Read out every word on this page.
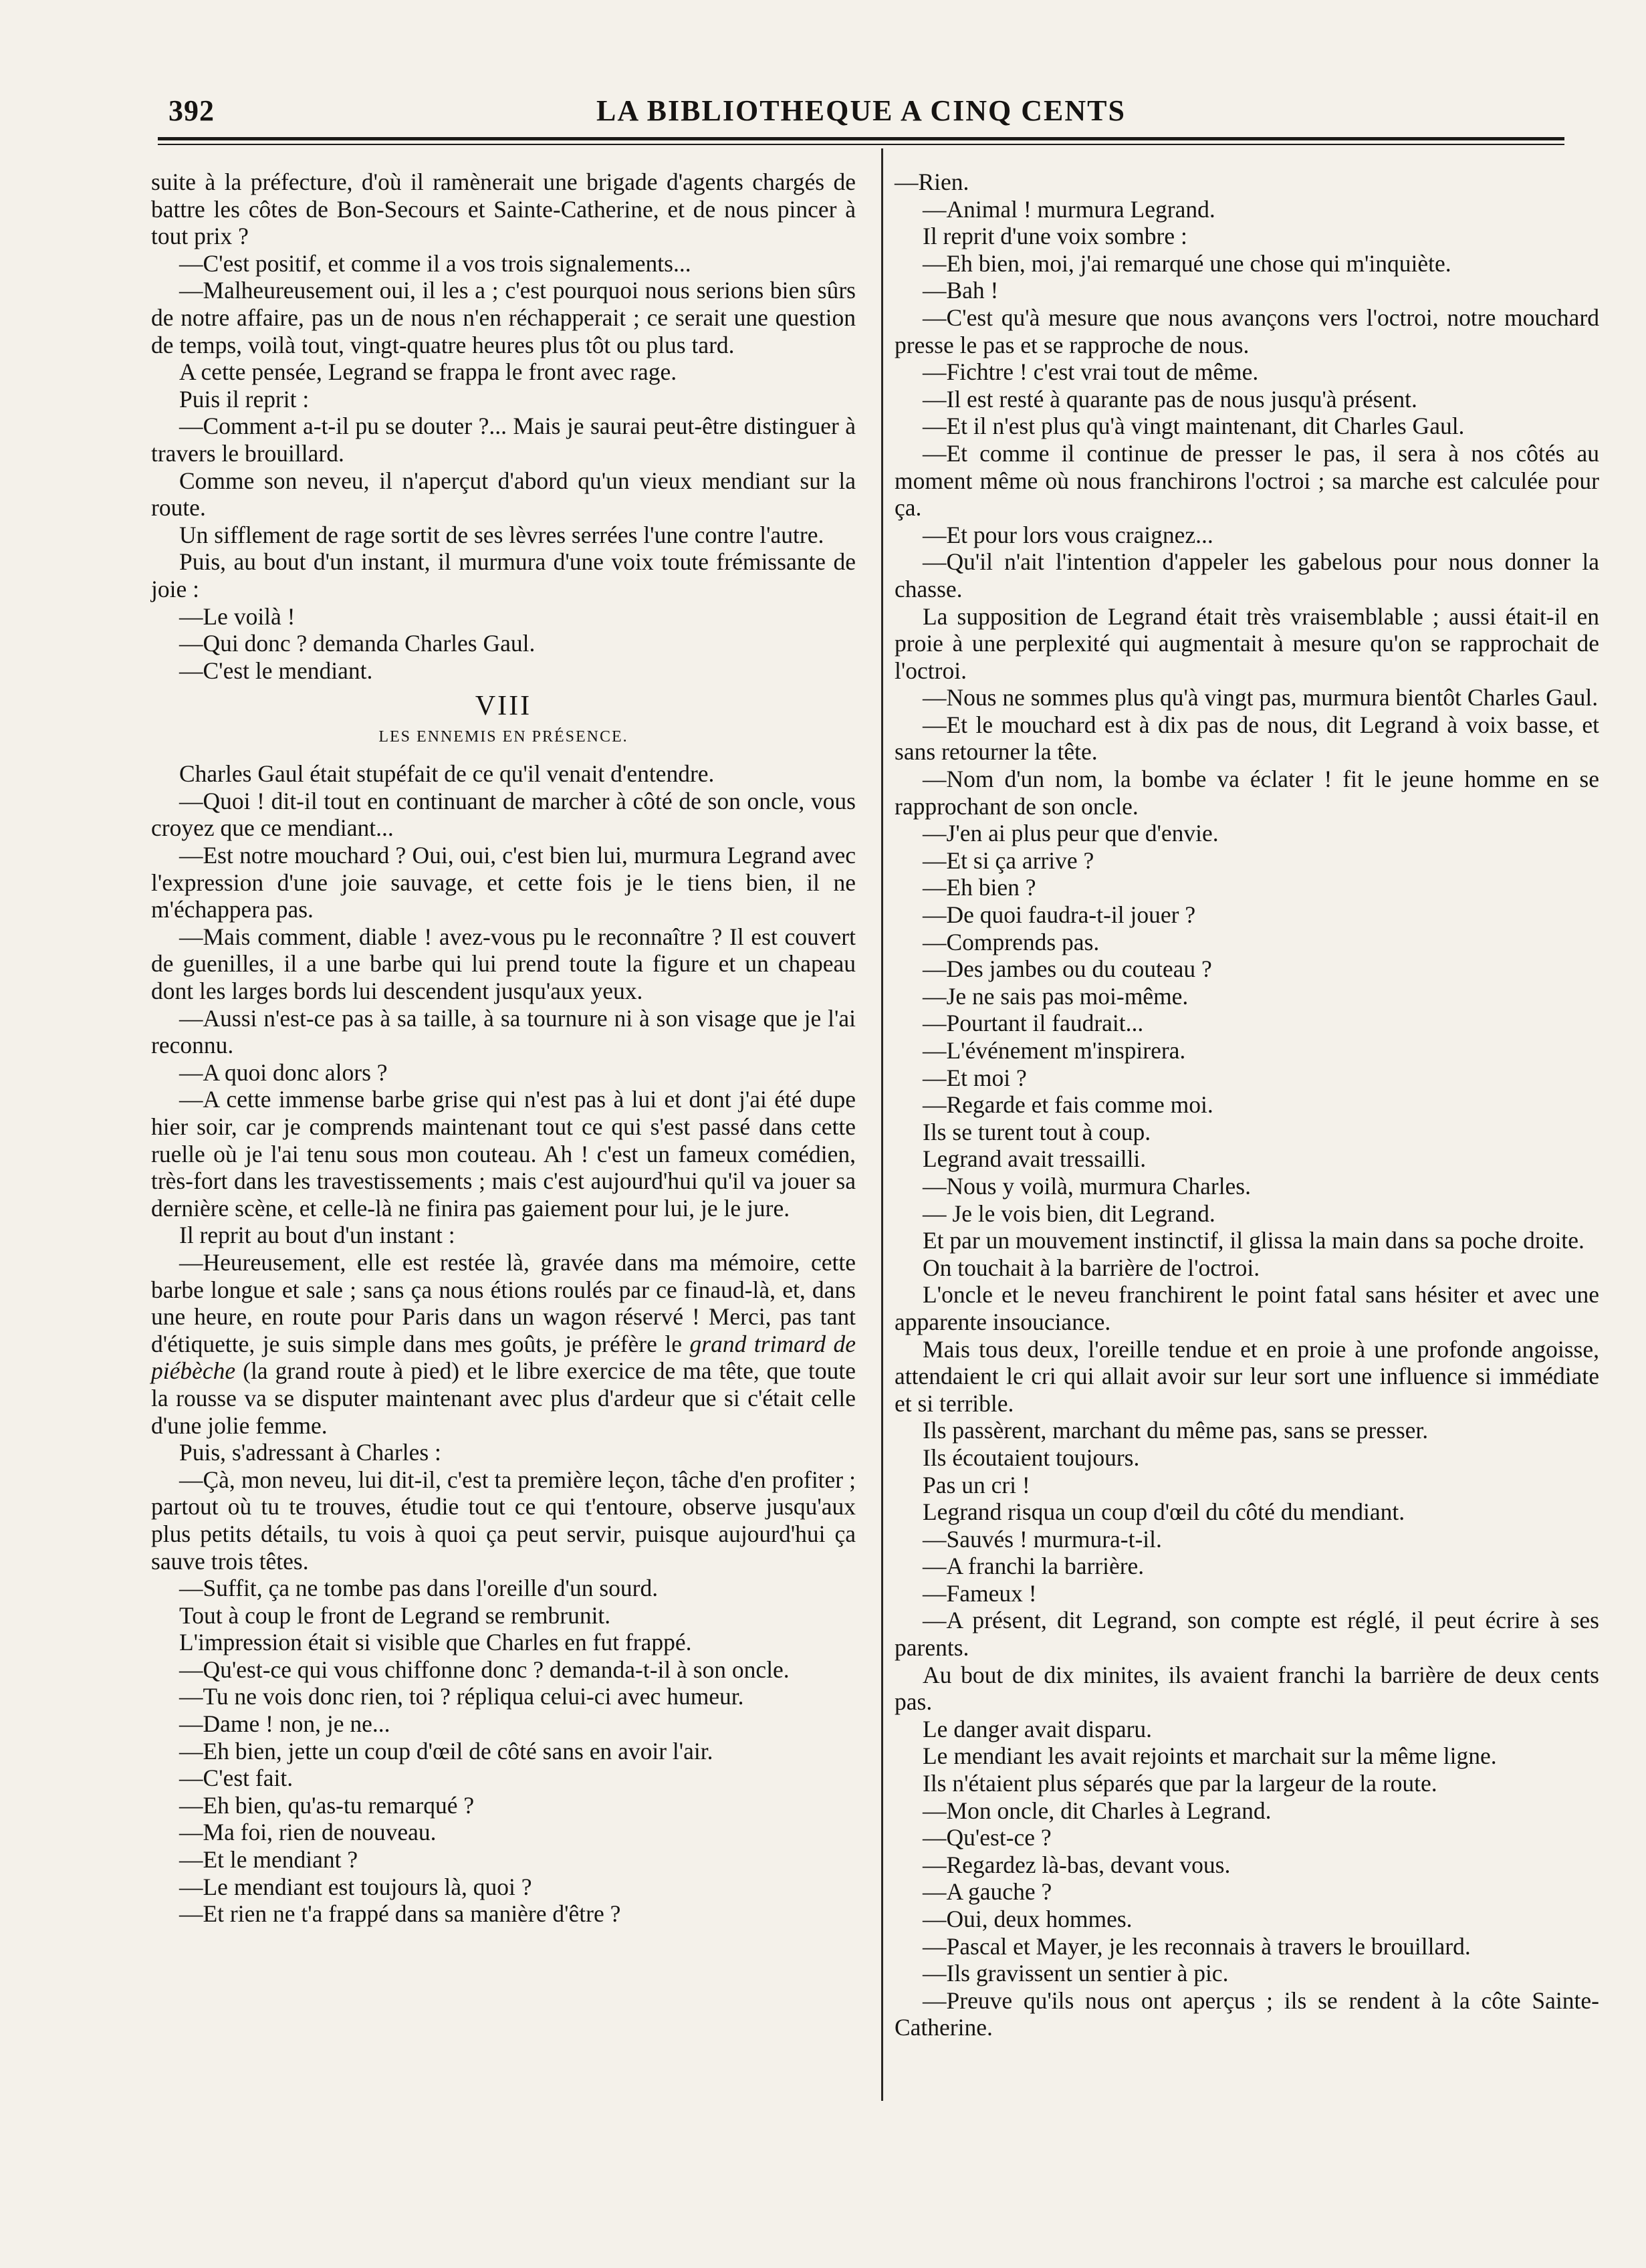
392	LA BIBLIOTHEQUE A CINQ CENTS

suite à la préfecture, d'où il ramènerait une brigade d'agents chargés de battre les côtes de Bon-Secours et Sainte-Catherine, et de nous pincer à tout prix ?

—C'est positif, et comme il a vos trois signalements...

—Malheureusement oui, il les a ; c'est pourquoi nous serions bien sûrs de notre affaire, pas un de nous n'en réchapperait ; ce serait une question de temps, voilà tout, vingt-quatre heures plus tôt ou plus tard.

A cette pensée, Legrand se frappa le front avec rage.

Puis il reprit :

—Comment a-t-il pu se douter ?... Mais je saurai peut-être distinguer à travers le brouillard.

Comme son neveu, il n'aperçut d'abord qu'un vieux mendiant sur la route.

Un sifflement de rage sortit de ses lèvres serrées l'une contre l'autre.

Puis, au bout d'un instant, il murmura d'une voix toute frémissante de joie :

—Le voilà !

—Qui donc ? demanda Charles Gaul.

—C'est le mendiant.

VIII
LES ENNEMIS EN PRÉSENCE.

Charles Gaul était stupéfait de ce qu'il venait d'entendre.

—Quoi ! dit-il tout en continuant de marcher à côté de son oncle, vous croyez que ce mendiant...

—Est notre mouchard ? Oui, oui, c'est bien lui, murmura Legrand avec l'expression d'une joie sauvage, et cette fois je le tiens bien, il ne m'échappera pas.

—Mais comment, diable ! avez-vous pu le reconnaître ? Il est couvert de guenilles, il a une barbe qui lui prend toute la figure et un chapeau dont les larges bords lui descendent jusqu'aux yeux.

—Aussi n'est-ce pas à sa taille, à sa tournure ni à son visage que je l'ai reconnu.

—A quoi donc alors ?

—A cette immense barbe grise qui n'est pas à lui et dont j'ai été dupe hier soir, car je comprends maintenant tout ce qui s'est passé dans cette ruelle où je l'ai tenu sous mon couteau. Ah ! c'est un fameux comédien, très-fort dans les travestissements ; mais c'est aujourd'hui qu'il va jouer sa dernière scène, et celle-là ne finira pas gaiement pour lui, je le jure.

Il reprit au bout d'un instant :

—Heureusement, elle est restée là, gravée dans ma mémoire, cette barbe longue et sale ; sans ça nous étions roulés par ce finaud-là, et, dans une heure, en route pour Paris dans un wagon réservé ! Merci, pas tant d'étiquette, je suis simple dans mes goûts, je préfère le grand trimard de piébèche (la grand route à pied) et le libre exercice de ma tête, que toute la rousse va se disputer maintenant avec plus d'ardeur que si c'était celle d'une jolie femme.

Puis, s'adressant à Charles :

—Çà, mon neveu, lui dit-il, c'est ta première leçon, tâche d'en profiter ; partout où tu te trouves, étudie tout ce qui t'entoure, observe jusqu'aux plus petits détails, tu vois à quoi ça peut servir, puisque aujourd'hui ça sauve trois têtes.

—Suffit, ça ne tombe pas dans l'oreille d'un sourd.

Tout à coup le front de Legrand se rembrunit.

L'impression était si visible que Charles en fut frappé.

—Qu'est-ce qui vous chiffonne donc ? demanda-t-il à son oncle.

—Tu ne vois donc rien, toi ? répliqua celui-ci avec humeur.

—Dame ! non, je ne...

—Eh bien, jette un coup d'œil de côté sans en avoir l'air.

—C'est fait.

—Eh bien, qu'as-tu remarqué ?

—Ma foi, rien de nouveau.

—Et le mendiant ?

—Le mendiant est toujours là, quoi ?

—Et rien ne t'a frappé dans sa manière d'être ?

—Rien.

—Animal ! murmura Legrand.

Il reprit d'une voix sombre :

—Eh bien, moi, j'ai remarqué une chose qui m'inquiète.

—Bah !

—C'est qu'à mesure que nous avançons vers l'octroi, notre mouchard presse le pas et se rapproche de nous.

—Fichtre ! c'est vrai tout de même.

—Il est resté à quarante pas de nous jusqu'à présent.

—Et il n'est plus qu'à vingt maintenant, dit Charles Gaul.

—Et comme il continue de presser le pas, il sera à nos côtés au moment même où nous franchirons l'octroi ; sa marche est calculée pour ça.

—Et pour lors vous craignez...

—Qu'il n'ait l'intention d'appeler les gabelous pour nous donner la chasse.

La supposition de Legrand était très vraisemblable ; aussi était-il en proie à une perplexité qui augmentait à mesure qu'on se rapprochait de l'octroi.

—Nous ne sommes plus qu'à vingt pas, murmura bientôt Charles Gaul.

—Et le mouchard est à dix pas de nous, dit Legrand à voix basse, et sans retourner la tête.

—Nom d'un nom, la bombe va éclater ! fit le jeune homme en se rapprochant de son oncle.

—J'en ai plus peur que d'envie.

—Et si ça arrive ?

—Eh bien ?

—De quoi faudra-t-il jouer ?

—Comprends pas.

—Des jambes ou du couteau ?

—Je ne sais pas moi-même.

—Pourtant il faudrait...

—L'événement m'inspirera.

—Et moi ?

—Regarde et fais comme moi.

Ils se turent tout à coup.

Legrand avait tressailli.

—Nous y voilà, murmura Charles.

— Je le vois bien, dit Legrand.

Et par un mouvement instinctif, il glissa la main dans sa poche droite.

On touchait à la barrière de l'octroi.

L'oncle et le neveu franchirent le point fatal sans hésiter et avec une apparente insouciance.

Mais tous deux, l'oreille tendue et en proie à une profonde angoisse, attendaient le cri qui allait avoir sur leur sort une influence si immédiate et si terrible.

Ils passèrent, marchant du même pas, sans se presser.

Ils écoutaient toujours.

Pas un cri !

Legrand risqua un coup d'œil du côté du mendiant.

—Sauvés ! murmura-t-il.

—A franchi la barrière.

—Fameux !

—A présent, dit Legrand, son compte est réglé, il peut écrire à ses parents.

Au bout de dix minites, ils avaient franchi la barrière de deux cents pas.

Le danger avait disparu.

Le mendiant les avait rejoints et marchait sur la même ligne.

Ils n'étaient plus séparés que par la largeur de la route.

—Mon oncle, dit Charles à Legrand.

—Qu'est-ce ?

—Regardez là-bas, devant vous.

—A gauche ?

—Oui, deux hommes.

—Pascal et Mayer, je les reconnais à travers le brouillard.

—Ils gravissent un sentier à pic.

—Preuve qu'ils nous ont aperçus ; ils se rendent à la côte Sainte-Catherine.
